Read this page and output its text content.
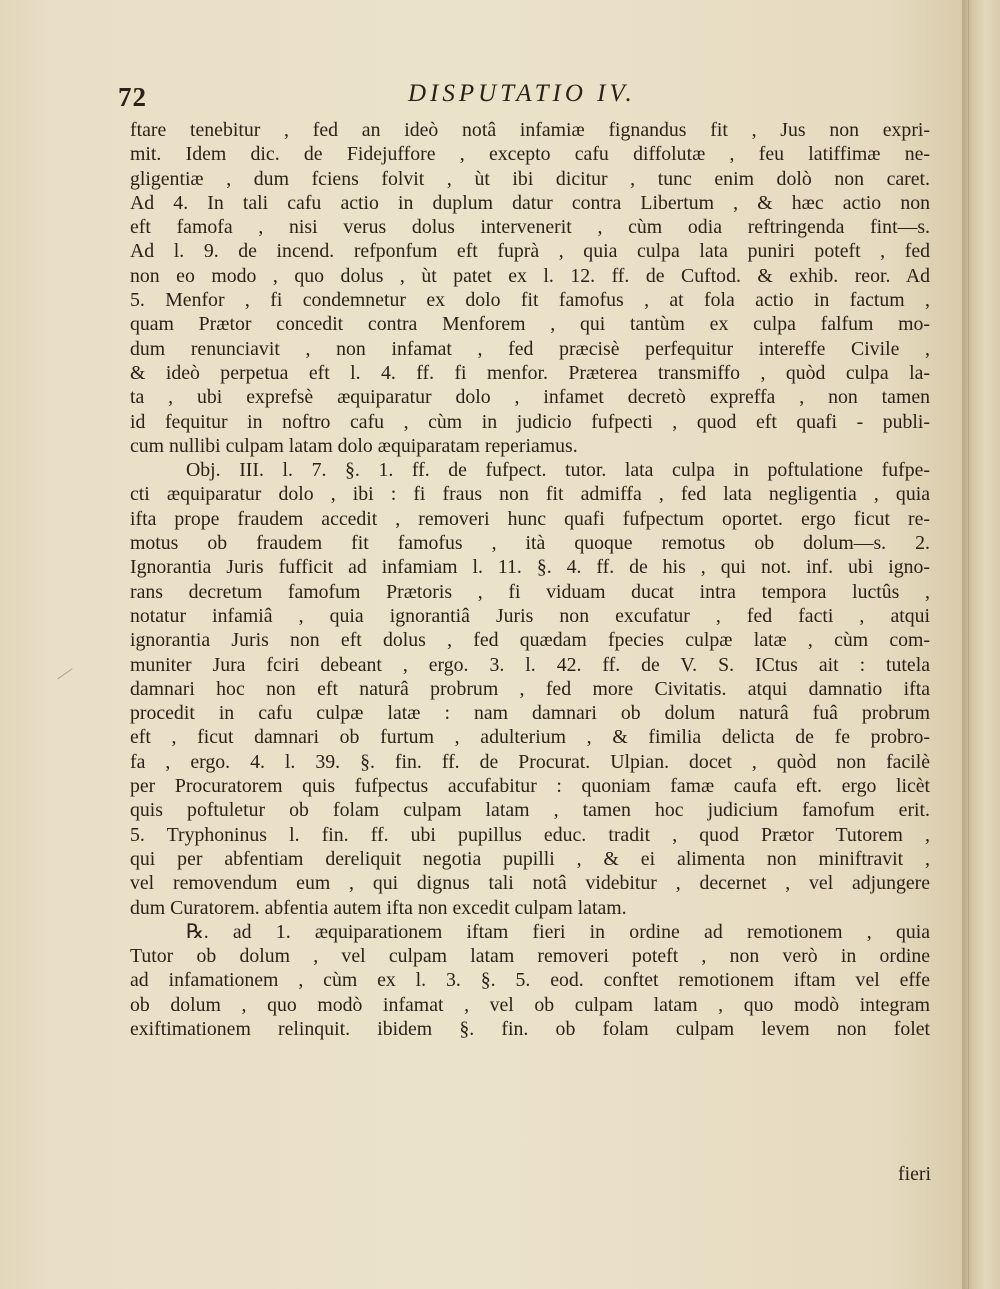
72	DISPUTATIO IV.
ftare tenebitur , fed an ideò notâ infamiæ fignandus fit , Jus non expri-
mit. Idem dic. de Fidejuffore , excepto cafu diffolutæ , feu latiffimæ ne-
gligentiæ , dum fciens folvit , ùt ibi dicitur , tunc enim dolò non caret.
Ad 4. In tali cafu actio in duplum datur contra Libertum , & hæc actio non
eft famofa , nisi verus dolus intervenerit , cùm odia reftringenda fint—s.
Ad l. 9. de incend. refponfum eft fuprà , quia culpa lata puniri poteft , fed
non eo modo , quo dolus , ùt patet ex l. 12. ff. de Cuftod. & exhib. reor. Ad
5. Menfor , fi condemnetur ex dolo fit famofus , at fola actio in factum ,
quam Prætor concedit contra Menforem , qui tantùm ex culpa falfum mo-
dum renunciavit , non infamat , fed præcisè perfequitur intereffe Civile ,
& ideò perpetua eft l. 4. ff. fi menfor. Præterea transmiffo , quòd culpa la-
ta , ubi exprefsè æquiparatur dolo , infamet decretò expreffa , non tamen
id fequitur in noftro cafu , cùm in judicio fufpecti , quod eft quafi - publi-
cum nullibi culpam latam dolo æquiparatam reperiamus.
Obj. III. l. 7. §. 1. ff. de fufpect. tutor. lata culpa in poftulatione fufpe-
cti æquiparatur dolo , ibi : fi fraus non fit admiffa , fed lata negligentia , quia
ifta prope fraudem accedit , removeri hunc quafi fufpectum oportet. ergo ficut re-
motus ob fraudem fit famofus , ità quoque remotus ob dolum—s. 2.
Ignorantia Juris fufficit ad infamiam l. 11. §. 4. ff. de his , qui not. inf. ubi igno-
rans decretum famofum Prætoris , fi viduam ducat intra tempora luctûs ,
notatur infamiâ , quia ignorantiâ Juris non excufatur , fed facti , atqui
ignorantia Juris non eft dolus , fed quædam fpecies culpæ latæ , cùm com-
muniter Jura fciri debeant , ergo. 3. l. 42. ff. de V. S. ICtus ait : tutela
damnari hoc non eft naturâ probrum , fed more Civitatis. atqui damnatio ifta
procedit in cafu culpæ latæ : nam damnari ob dolum naturâ fuâ probrum
eft , ficut damnari ob furtum , adulterium , & fimilia delicta de fe probro-
fa , ergo. 4. l. 39. §. fin. ff. de Procurat. Ulpian. docet , quòd non facilè
per Procuratorem quis fufpectus accufabitur : quoniam famæ caufa eft. ergo licèt
quis poftuletur ob folam culpam latam , tamen hoc judicium famofum erit.
5. Tryphoninus l. fin. ff. ubi pupillus educ. tradit , quod Prætor Tutorem ,
qui per abfentiam dereliquit negotia pupilli , & ei alimenta non miniftravit ,
vel removendum eum , qui dignus tali notâ videbitur , decernet , vel adjungere
dum Curatorem. abfentia autem ifta non excedit culpam latam.
℞. ad 1. æquiparationem iftam fieri in ordine ad remotionem , quia
Tutor ob dolum , vel culpam latam removeri poteft , non verò in ordine
ad infamationem , cùm ex l. 3. §. 5. eod. conftet remotionem iftam vel effe
ob dolum , quo modò infamat , vel ob culpam latam , quo modò integram
exiftimationem relinquit. ibidem §. fin. ob folam culpam levem non folet
fieri
